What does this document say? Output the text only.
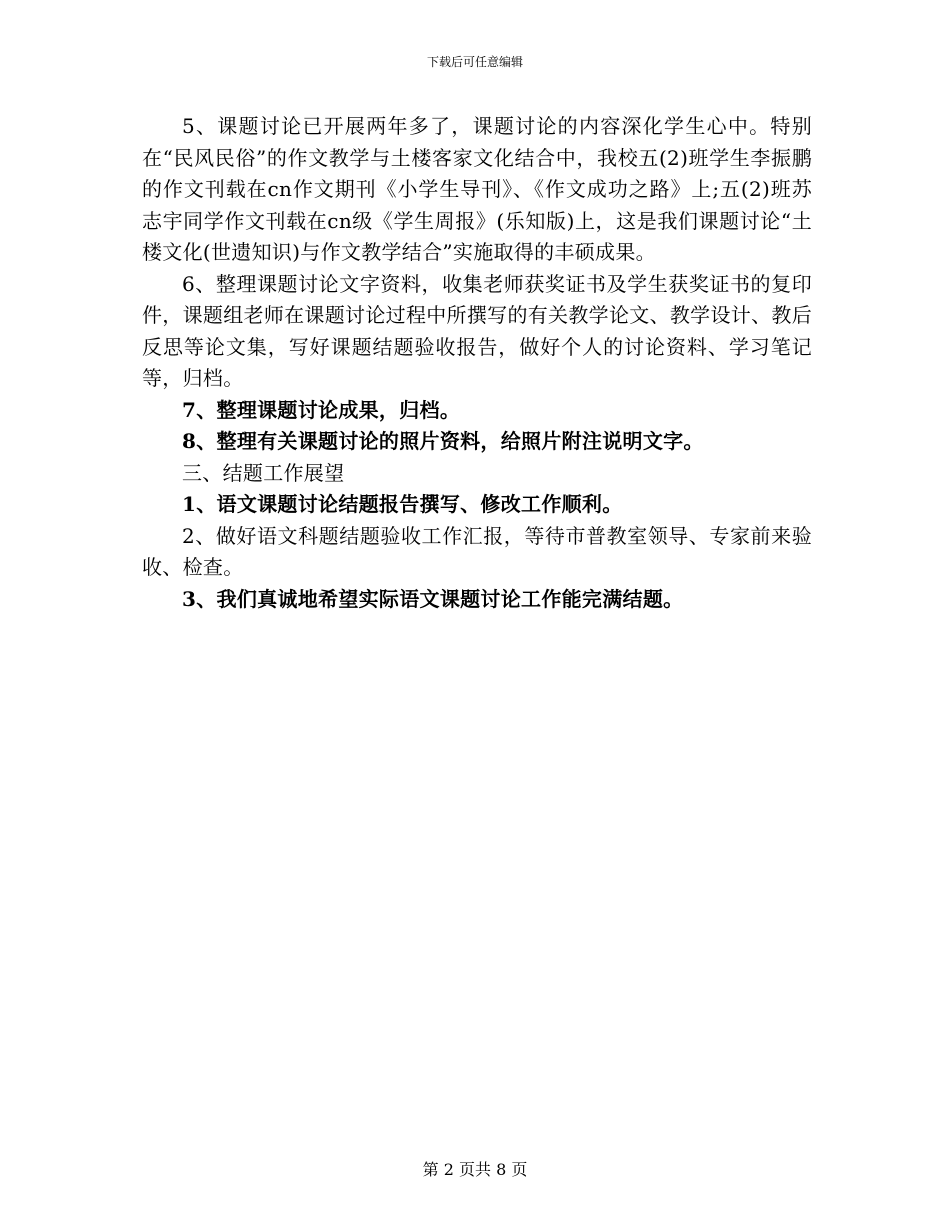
下载后可任意编辑

5、课题讨论已开展两年多了，课题讨论的内容深化学生心中。特别在“民风民俗”的作文教学与土楼客家文化结合中，我校五(2)班学生李振鹏的作文刊载在cn作文期刊《小学生导刊》、《作文成功之路》上;五(2)班苏志宇同学作文刊载在cn级《学生周报》(乐知版)上，这是我们课题讨论“土楼文化(世遗知识)与作文教学结合”实施取得的丰硕成果。

6、整理课题讨论文字资料，收集老师获奖证书及学生获奖证书的复印件，课题组老师在课题讨论过程中所撰写的有关教学论文、教学设计、教后反思等论文集，写好课题结题验收报告，做好个人的讨论资料、学习笔记等，归档。

7、整理课题讨论成果，归档。

8、整理有关课题讨论的照片资料，给照片附注说明文字。

三、结题工作展望

1、语文课题讨论结题报告撰写、修改工作顺利。

2、做好语文科题结题验收工作汇报，等待市普教室领导、专家前来验收、检查。

3、我们真诚地希望实际语文课题讨论工作能完满结题。

第 2 页共 8 页
